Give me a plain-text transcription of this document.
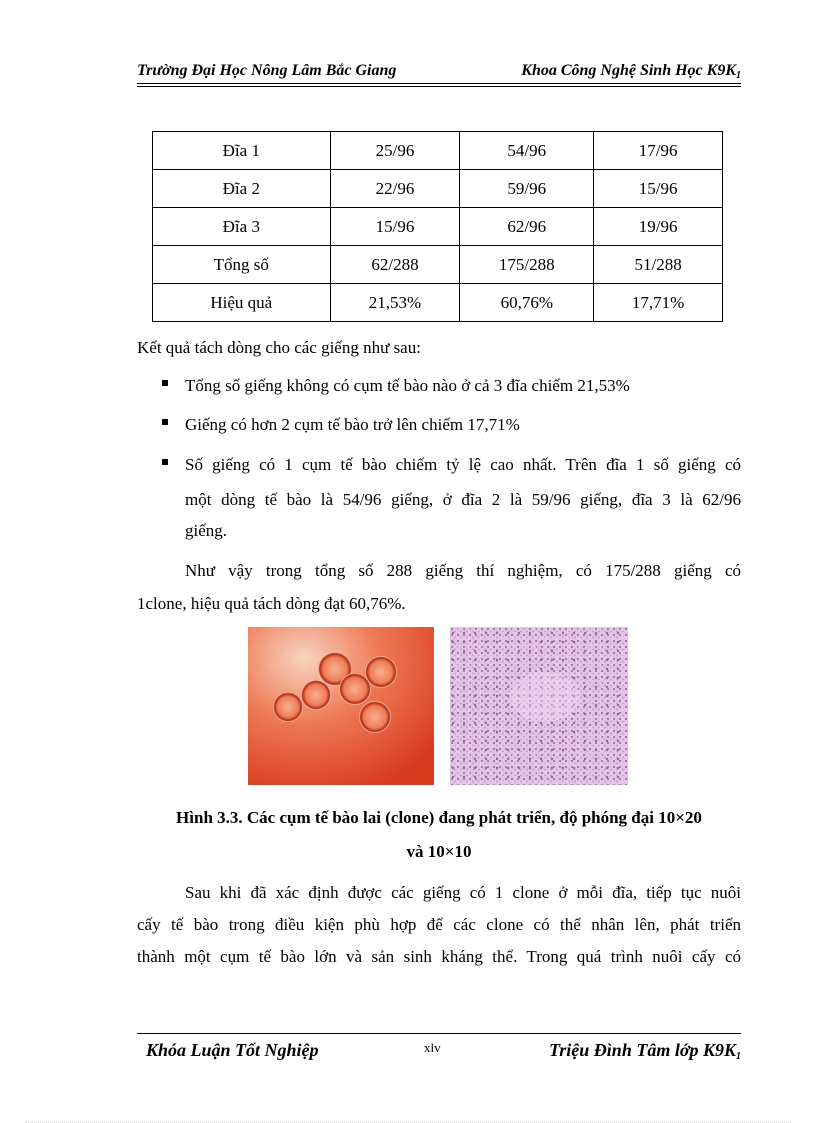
Trường Đại Học Nông Lâm Bắc Giang	Khoa Công Nghệ Sinh Học $K9K_1$
Đĩa 1	25/96	54/96	17/96
Đĩa 2	22/96	59/96	15/96
Đĩa 3	15/96	62/96	19/96
Tổng số	62/288	175/288	51/288
Hiệu quả	21,53%	60,76%	17,71%
Kết quả tách dòng cho các giếng như sau:
Tổng số giếng không có cụm tế bào nào ở cả 3 đĩa chiếm 21,53%
Giếng có hơn 2 cụm tế bào trở lên chiếm 17,71%
Số giếng có 1 cụm tế bào chiếm tỷ lệ cao nhất. Trên đĩa 1 số giếng có
một dòng tế bào là 54/96 giếng, ở đĩa 2 là 59/96 giếng, đĩa 3 là 62/96
giếng.
Như vậy trong tổng số 288 giếng thí nghiệm, có 175/288 giếng có
1clone, hiệu quả tách dòng đạt 60,76%.
Hình 3.3. Các cụm tế bào lai (clone) đang phát triển, độ phóng đại 10×20
và 10×10
Sau khi đã xác định được các giếng có 1 clone ở mỗi đĩa, tiếp tục nuôi
cấy tế bào trong điều kiện phù hợp để các clone có thể nhân lên, phát triển
thành một cụm tế bào lớn và sản sinh kháng thể. Trong quá trình nuôi cấy có
Khóa Luận Tốt Nghiệp	xlv	Triệu Đình Tâm lớp $K9K_1$
